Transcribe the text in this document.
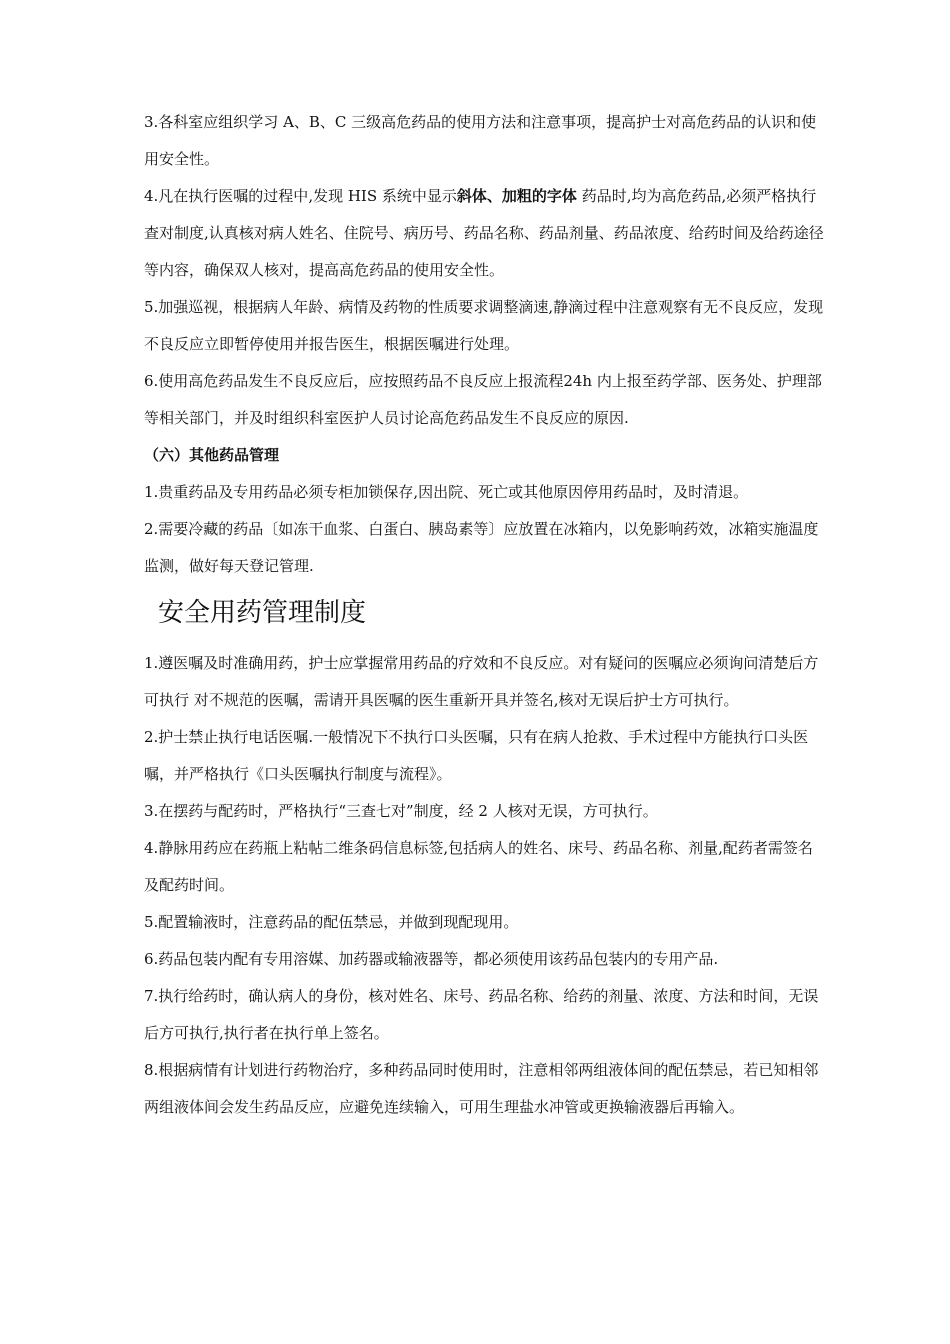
3.各科室应组织学习 A、B、C 三级高危药品的使用方法和注意事项，提高护士对高危药品的认识和使用安全性。

4.凡在执行医嘱的过程中,发现 HIS 系统中显示斜体、加粗的字体 药品时,均为高危药品,必须严格执行查对制度,认真核对病人姓名、住院号、病历号、药品名称、药品剂量、药品浓度、给药时间及给药途径等内容，确保双人核对，提高高危药品的使用安全性。

5.加强巡视，根据病人年龄、病情及药物的性质要求调整滴速,静滴过程中注意观察有无不良反应，发现不良反应立即暂停使用并报告医生，根据医嘱进行处理。

6.使用高危药品发生不良反应后，应按照药品不良反应上报流程24h 内上报至药学部、医务处、护理部等相关部门，并及时组织科室医护人员讨论高危药品发生不良反应的原因.

（六）其他药品管理

1.贵重药品及专用药品必须专柜加锁保存,因出院、死亡或其他原因停用药品时，及时清退。

2.需要冷藏的药品〔如冻干血浆、白蛋白、胰岛素等〕应放置在冰箱内，以免影响药效，冰箱实施温度监测，做好每天登记管理.

安全用药管理制度

1.遵医嘱及时准确用药，护士应掌握常用药品的疗效和不良反应。对有疑问的医嘱应必须询问清楚后方可执行 对不规范的医嘱，需请开具医嘱的医生重新开具并签名,核对无误后护士方可执行。

2.护士禁止执行电话医嘱.一般情况下不执行口头医嘱，只有在病人抢救、手术过程中方能执行口头医嘱，并严格执行《口头医嘱执行制度与流程》。

3.在摆药与配药时，严格执行“三查七对”制度，经 2 人核对无误，方可执行。

4.静脉用药应在药瓶上粘帖二维条码信息标签,包括病人的姓名、床号、药品名称、剂量,配药者需签名及配药时间。

5.配置输液时，注意药品的配伍禁忌，并做到现配现用。

6.药品包装内配有专用溶媒、加药器或输液器等，都必须使用该药品包装内的专用产品.

7.执行给药时，确认病人的身份，核对姓名、床号、药品名称、给药的剂量、浓度、方法和时间，无误后方可执行,执行者在执行单上签名。

8.根据病情有计划进行药物治疗，多种药品同时使用时，注意相邻两组液体间的配伍禁忌，若已知相邻两组液体间会发生药品反应，应避免连续输入，可用生理盐水冲管或更换输液器后再输入。
